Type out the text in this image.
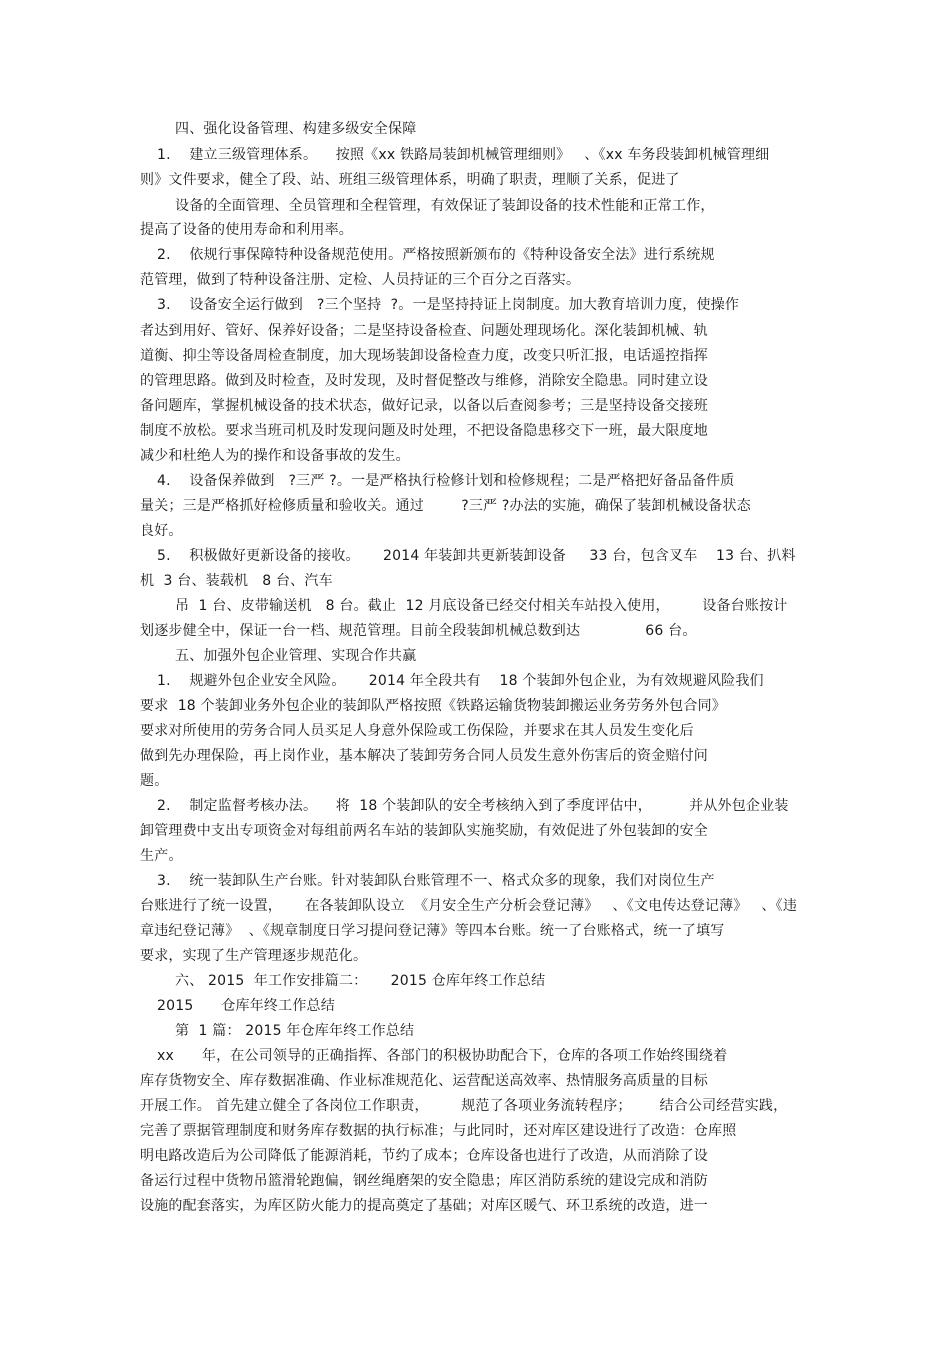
四、强化设备管理、构建多级安全保障
1.    建立三级管理体系。    按照《xx 铁路局装卸机械管理细则》   、《xx 车务段装卸机械管理细
则》文件要求，健全了段、站、班组三级管理体系，明确了职责，理顺了关系，促进了
设备的全面管理、全员管理和全程管理，有效保证了装卸设备的技术性能和正常工作，
提高了设备的使用寿命和利用率。
2.    依规行事保障特种设备规范使用。严格按照新颁布的《特种设备安全法》进行系统规
范管理，做到了特种设备注册、定检、人员持证的三个百分之百落实。
3.    设备安全运行做到   ?三个坚持  ?。一是坚持持证上岗制度。加大教育培训力度，使操作
者达到用好、管好、保养好设备；二是坚持设备检查、问题处理现场化。深化装卸机械、轨
道衡、抑尘等设备周检查制度，加大现场装卸设备检查力度，改变只听汇报，电话遥控指挥
的管理思路。做到及时检查，及时发现，及时督促整改与维修，消除安全隐患。同时建立设
备问题库，掌握机械设备的技术状态，做好记录，以备以后查阅参考；三是坚持设备交接班
制度不放松。要求当班司机及时发现问题及时处理，不把设备隐患移交下一班，最大限度地
减少和杜绝人为的操作和设备事故的发生。
4.    设备保养做到   ?三严 ?。一是严格执行检修计划和检修规程；二是严格把好备品备件质
量关；三是严格抓好检修质量和验收关。通过        ?三严 ?办法的实施，确保了装卸机械设备状态
良好。
5.    积极做好更新设备的接收。     2014 年装卸共更新装卸设备     33 台，包含叉车    13 台、扒料
机  3 台、装载机   8 台、汽车
吊  1 台、皮带输送机   8 台。截止  12 月底设备已经交付相关车站投入使用，       设备台账按计
划逐步健全中，保证一台一档、规范管理。目前全段装卸机械总数到达              66 台。
五、加强外包企业管理、实现合作共赢
1.    规避外包企业安全风险。     2014 年全段共有    18 个装卸外包企业，为有效规避风险我们
要求  18 个装卸业务外包企业的装卸队严格按照《铁路运输货物装卸搬运业务劳务外包合同》
要求对所使用的劳务合同人员买足人身意外保险或工伤保险，并要求在其人员发生变化后
做到先办理保险，再上岗作业，基本解决了装卸劳务合同人员发生意外伤害后的资金赔付问
题。
2.    制定监督考核办法。    将  18 个装卸队的安全考核纳入到了季度评估中，        并从外包企业装
卸管理费中支出专项资金对每组前两名车站的装卸队实施奖励，有效促进了外包装卸的安全
生产。
3.    统一装卸队生产台账。针对装卸队台账管理不一、格式众多的现象，我们对岗位生产
台账进行了统一设置，     在各装卸队设立  《月安全生产分析会登记薄》   、《文电传达登记薄》   、《违
章违纪登记薄》  、《规章制度日学习提问登记薄》等四本台账。统一了台账格式，统一了填写
要求，实现了生产管理逐步规范化。
六、 2015  年工作安排篇二：     2015 仓库年终工作总结
2015      仓库年终工作总结
第  1 篇： 2015 年仓库年终工作总结
xx      年，在公司领导的正确指挥、各部门的积极协助配合下，仓库的各项工作始终围绕着
库存货物安全、库存数据准确、作业标准规范化、运营配送高效率、热情服务高质量的目标
开展工作。 首先建立健全了各岗位工作职责，       规范了各项业务流转程序；      结合公司经营实践，
完善了票据管理制度和财务库存数据的执行标准；与此同时，还对库区建设进行了改造：仓库照
明电路改造后为公司降低了能源消耗，节约了成本；仓库设备也进行了改造，从而消除了设
备运行过程中货物吊篮滑轮跑偏，钢丝绳磨架的安全隐患；库区消防系统的建设完成和消防
设施的配套落实，为库区防火能力的提高奠定了基础；对库区暖气、环卫系统的改造，进一
